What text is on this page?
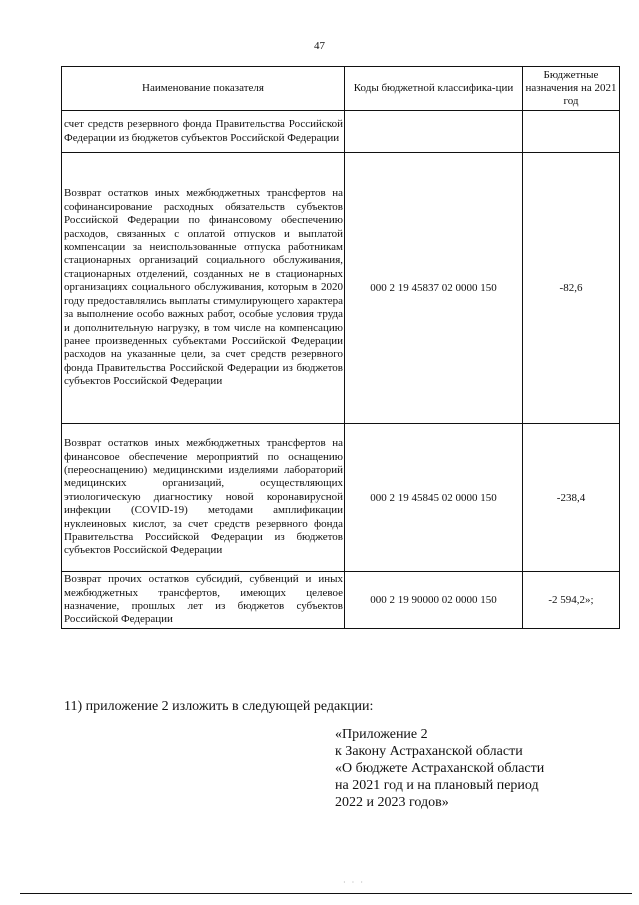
47
Наименование показателя	Коды бюджетной классифика-ции	Бюджетные назначения на 2021 год
счет средств резервного фонда Правительства Российской Федерации из бюджетов субъектов Российской Федерации		
Возврат остатков иных межбюджетных трансфертов на софинансирование расходных обязательств субъектов Российской Федерации по финансовому обеспечению расходов, связанных с оплатой отпусков и выплатой компенсации за неиспользованные отпуска работникам стационарных организаций социального обслуживания, стационарных отделений, созданных не в стационарных организациях социального обслуживания, которым в 2020 году предоставлялись выплаты стимулирующего характера за выполнение особо важных работ, особые условия труда и дополнительную нагрузку, в том числе на компенсацию ранее произведенных субъектами Российской Федерации расходов на указанные цели, за счет средств резервного фонда Правительства Российской Федерации из бюджетов субъектов Российской Федерации	000 2 19 45837 02 0000 150	-82,6
Возврат остатков иных межбюджетных трансфертов на финансовое обеспечение мероприятий по оснащению (переоснащению) медицинскими изделиями лабораторий медицинских организаций, осуществляющих этиологическую диагностику новой коронавирусной инфекции (COVID-19) методами амплификации нуклеиновых кислот, за счет средств резервного фонда Правительства Российской Федерации из бюджетов субъектов Российской Федерации	000 2 19 45845 02 0000 150	-238,4
Возврат прочих остатков субсидий, субвенций и иных межбюджетных трансфертов, имеющих целевое назначение, прошлых лет из бюджетов субъектов Российской Федерации	000 2 19 90000 02 0000 150	-2 594,2»;
11) приложение 2 изложить в следующей редакции:
«Приложение 2
к Закону Астраханской области
«О бюджете Астраханской области
на 2021 год и на плановый период
2022 и 2023 годов»
· · ·
